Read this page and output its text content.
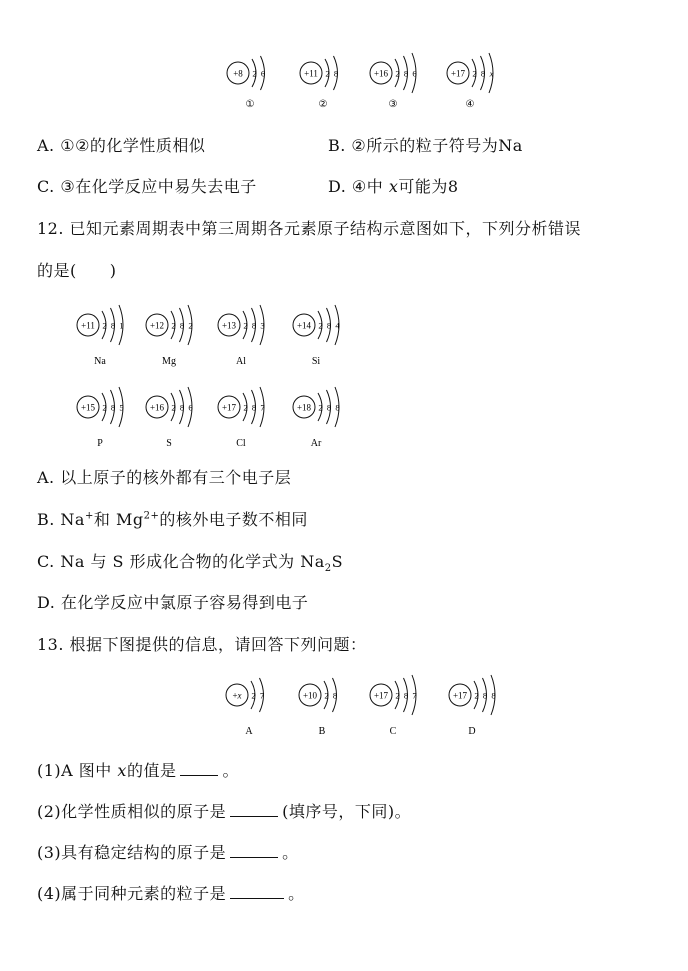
+8 2 6
①
+11 2 8
②
+16 2 8 6
③
+17 2 8 x
④
A. ①②的化学性质相似	B. ②所示的粒子符号为Na
C. ③在化学反应中易失去电子	D. ④中 x可能为8
12. 已知元素周期表中第三周期各元素原子结构示意图如下，下列分析错误
的是(　　)
+11 2 8 1
Na
+12 2 8 2
Mg
+13 2 8 3
Al
+14 2 8 4
Si
+15 2 8 5
P
+16 2 8 6
S
+17 2 8 7
Cl
+18 2 8 8
Ar
A. 以上原子的核外都有三个电子层
B. Na+和 $Mg^{2+}$的核外电子数不相同
C. Na 与 S 形成化合物的化学式为 $Na_2S$
D. 在化学反应中氯原子容易得到电子
13. 根据下图提供的信息，请回答下列问题：
+x 2 7
A
+10 2 8
B
+17 2 8 7
C
+17 2 8 8
D
(1)A 图中 x的值是	。
(2)化学性质相似的原子是	(填序号，下同)。
(3)具有稳定结构的原子是	。
(4)属于同种元素的粒子是	。
